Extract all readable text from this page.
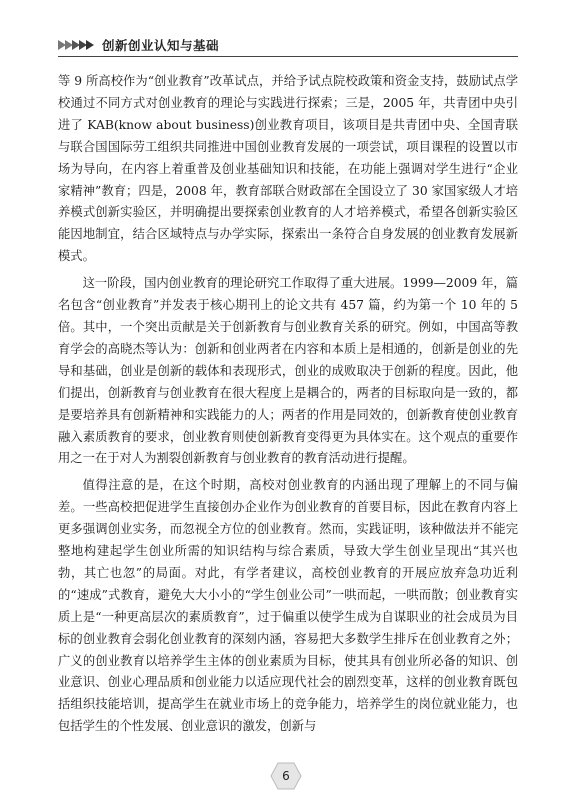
创新创业认知与基础

等 9 所高校作为“创业教育”改革试点，并给予试点院校政策和资金支持，鼓励试点学校通过不同方式对创业教育的理论与实践进行探索；三是，2005 年，共青团中央引进了 KAB(know about business)创业教育项目，该项目是共青团中央、全国青联与联合国国际劳工组织共同推进中国创业教育发展的一项尝试，项目课程的设置以市场为导向，在内容上着重普及创业基础知识和技能，在功能上强调对学生进行“企业家精神”教育；四是，2008 年，教育部联合财政部在全国设立了 30 家国家级人才培养模式创新实验区，并明确提出要探索创业教育的人才培养模式，希望各创新实验区能因地制宜，结合区域特点与办学实际，探索出一条符合自身发展的创业教育发展新模式。

这一阶段，国内创业教育的理论研究工作取得了重大进展。1999—2009 年，篇名包含“创业教育”并发表于核心期刊上的论文共有 457 篇，约为第一个 10 年的 5 倍。其中，一个突出贡献是关于创新教育与创业教育关系的研究。例如，中国高等教育学会的高晓杰等认为：创新和创业两者在内容和本质上是相通的，创新是创业的先导和基础，创业是创新的载体和表现形式，创业的成败取决于创新的程度。因此，他们提出，创新教育与创业教育在很大程度上是耦合的，两者的目标取向是一致的，都是要培养具有创新精神和实践能力的人；两者的作用是同效的，创新教育使创业教育融入素质教育的要求，创业教育则使创新教育变得更为具体实在。这个观点的重要作用之一在于对人为割裂创新教育与创业教育的教育活动进行提醒。

值得注意的是，在这个时期，高校对创业教育的内涵出现了理解上的不同与偏差。一些高校把促进学生直接创办企业作为创业教育的首要目标，因此在教育内容上更多强调创业实务，而忽视全方位的创业教育。然而，实践证明，该种做法并不能完整地构建起学生创业所需的知识结构与综合素质，导致大学生创业呈现出“其兴也勃，其亡也忽”的局面。对此，有学者建议，高校创业教育的开展应放弃急功近利的“速成”式教育，避免大大小小的“学生创业公司”一哄而起，一哄而散；创业教育实质上是“一种更高层次的素质教育”，过于偏重以使学生成为自谋职业的社会成员为目标的创业教育会弱化创业教育的深刻内涵，容易把大多数学生排斥在创业教育之外；广义的创业教育以培养学生主体的创业素质为目标，使其具有创业所必备的知识、创业意识、创业心理品质和创业能力以适应现代社会的剧烈变革，这样的创业教育既包括组织技能培训，提高学生在就业市场上的竞争能力，培养学生的岗位就业能力，也包括学生的个性发展、创业意识的激发，创新与

6
